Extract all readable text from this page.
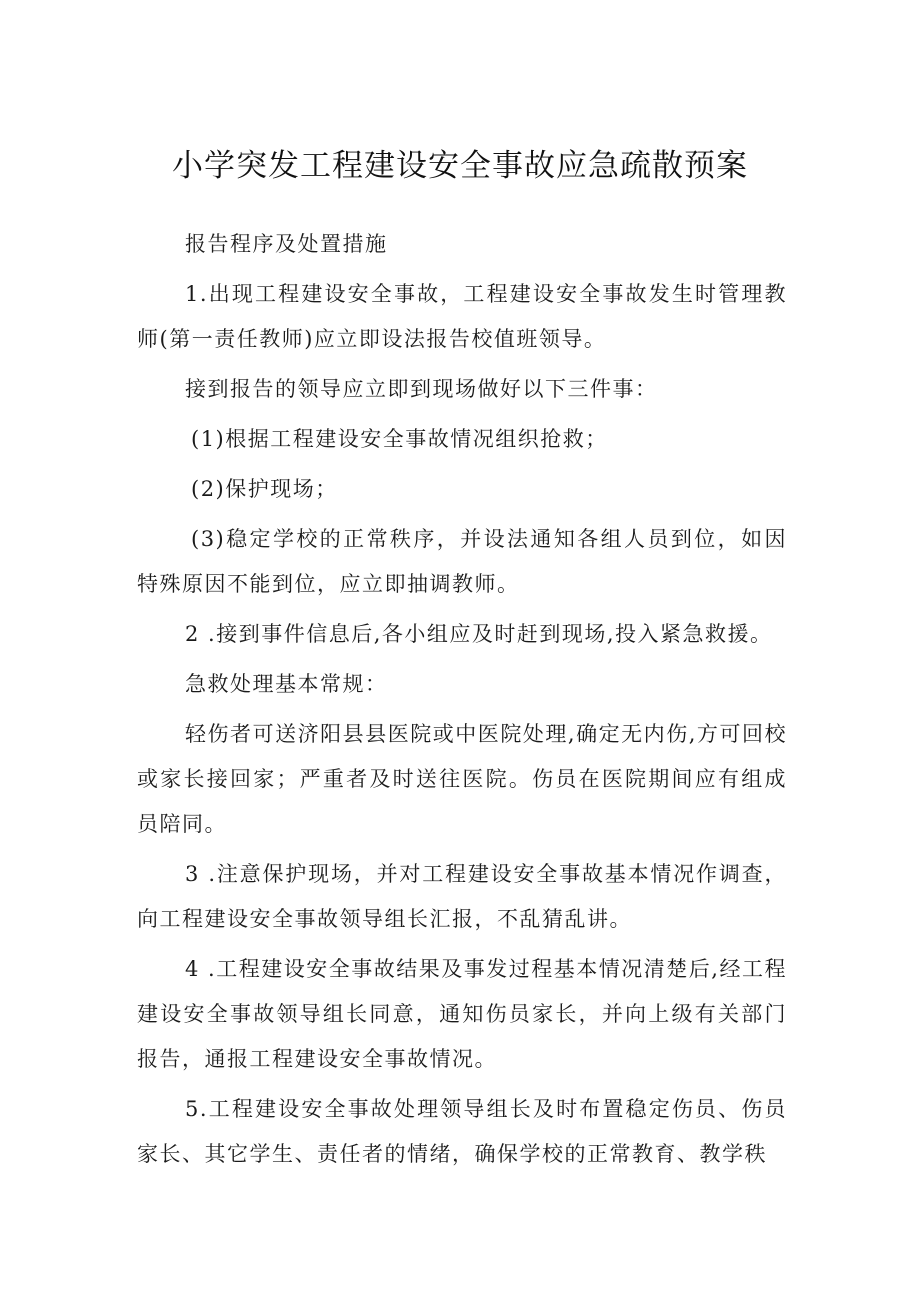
小学突发工程建设安全事故应急疏散预案

报告程序及处置措施

1.出现工程建设安全事故，工程建设安全事故发生时管理教师(第一责任教师)应立即设法报告校值班领导。

接到报告的领导应立即到现场做好以下三件事：

(1)根据工程建设安全事故情况组织抢救；

(2)保护现场；

(3)稳定学校的正常秩序，并设法通知各组人员到位，如因特殊原因不能到位，应立即抽调教师。

2 .接到事件信息后,各小组应及时赶到现场,投入紧急救援。

急救处理基本常规：

轻伤者可送济阳县县医院或中医院处理,确定无内伤,方可回校或家长接回家；严重者及时送往医院。伤员在医院期间应有组成员陪同。

3 .注意保护现场，并对工程建设安全事故基本情况作调查，向工程建设安全事故领导组长汇报，不乱猜乱讲。

4 .工程建设安全事故结果及事发过程基本情况清楚后,经工程建设安全事故领导组长同意，通知伤员家长，并向上级有关部门报告，通报工程建设安全事故情况。

5.工程建设安全事故处理领导组长及时布置稳定伤员、伤员家长、其它学生、责任者的情绪，确保学校的正常教育、教学秩
